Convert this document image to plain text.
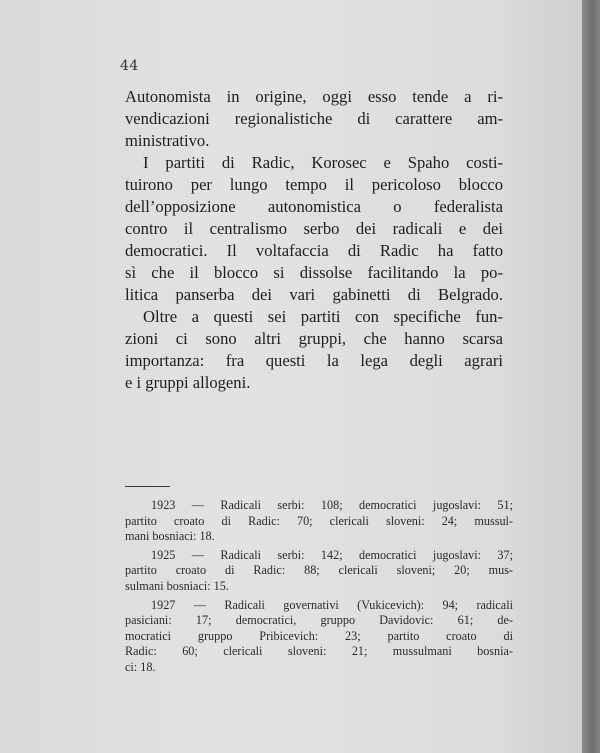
44
Autonomista in origine, oggi esso tende a ri-
vendicazioni regionalistiche di carattere am-
ministrativo.
I partiti di Radic, Korosec e Spaho costi-
tuirono per lungo tempo il pericoloso blocco
dell’opposizione autonomistica o federalista
contro il centralismo serbo dei radicali e dei
democratici. Il voltafaccia di Radic ha fatto
sì che il blocco si dissolse facilitando la po-
litica panserba dei vari gabinetti di Belgrado.
Oltre a questi sei partiti con specifiche fun-
zioni ci sono altri gruppi, che hanno scarsa
importanza: fra questi la lega degli agrari
e i gruppi allogeni.
1923 — Radicali serbi: 108; democratici jugoslavi: 51;
partito croato di Radic: 70; clericali sloveni: 24; mussul-
mani bosniaci: 18.
1925 — Radicali serbi: 142; democratici jugoslavi: 37;
partito croato di Radic: 88; clericali sloveni; 20; mus-
sulmani bosniaci: 15.
1927 — Radicali governativi (Vukicevich): 94; radicali
pasiciani: 17; democratici, gruppo Davidovic: 61; de-
mocratici gruppo Pribicevich: 23; partito croato di
Radic: 60; clericali sloveni: 21; mussulmani bosnia-
ci: 18.
